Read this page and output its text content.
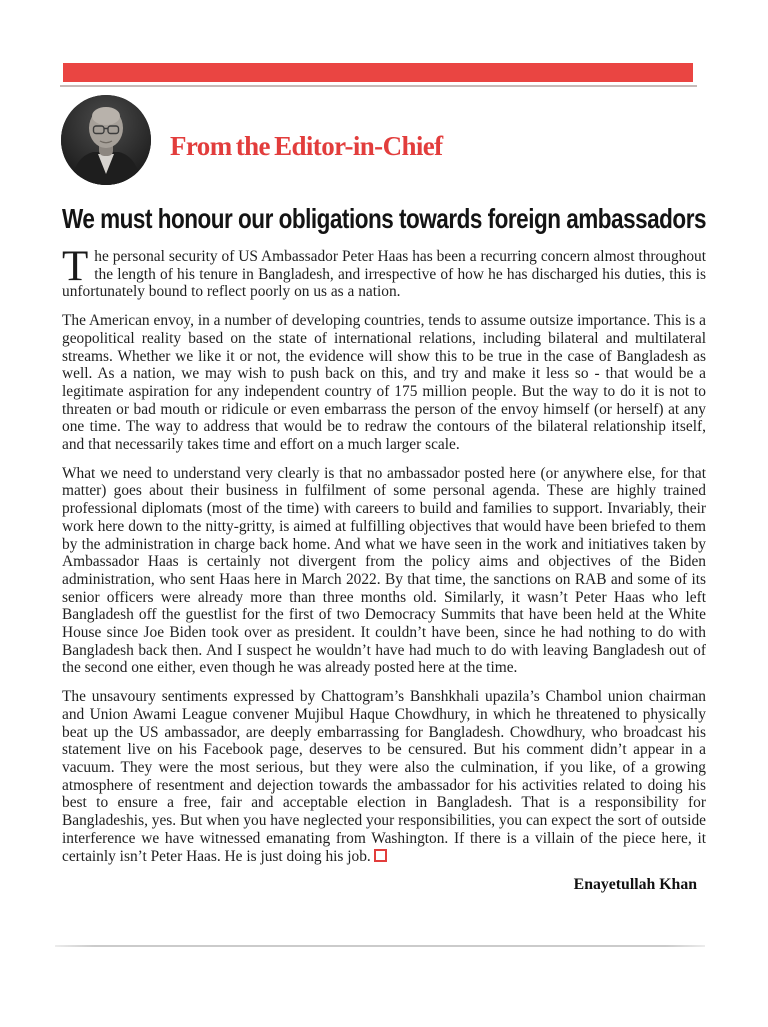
From the Editor-in-Chief
We must honour our obligations towards foreign ambassadors

The personal security of US Ambassador Peter Haas has been a recurring concern almost throughout the length of his tenure in Bangladesh, and irrespective of how he has discharged his duties, this is unfortunately bound to reflect poorly on us as a nation.

The American envoy, in a number of developing countries, tends to assume outsize importance. This is a geopolitical reality based on the state of international relations, including bilateral and multilateral streams. Whether we like it or not, the evidence will show this to be true in the case of Bangladesh as well. As a nation, we may wish to push back on this, and try and make it less so - that would be a legitimate aspiration for any independent country of 175 million people. But the way to do it is not to threaten or bad mouth or ridicule or even embarrass the person of the envoy himself (or herself) at any one time. The way to address that would be to redraw the contours of the bilateral relationship itself, and that necessarily takes time and effort on a much larger scale.

What we need to understand very clearly is that no ambassador posted here (or anywhere else, for that matter) goes about their business in fulfilment of some personal agenda. These are highly trained professional diplomats (most of the time) with careers to build and families to support. Invariably, their work here down to the nitty-gritty, is aimed at fulfilling objectives that would have been briefed to them by the administration in charge back home. And what we have seen in the work and initiatives taken by Ambassador Haas is certainly not divergent from the policy aims and objectives of the Biden administration, who sent Haas here in March 2022. By that time, the sanctions on RAB and some of its senior officers were already more than three months old. Similarly, it wasn’t Peter Haas who left Bangladesh off the guestlist for the first of two Democracy Summits that have been held at the White House since Joe Biden took over as president. It couldn’t have been, since he had nothing to do with Bangladesh back then. And I suspect he wouldn’t have had much to do with leaving Bangladesh out of the second one either, even though he was already posted here at the time.

The unsavoury sentiments expressed by Chattogram’s Banshkhali upazila’s Chambol union chairman and Union Awami League convener Mujibul Haque Chowdhury, in which he threatened to physically beat up the US ambassador, are deeply embarrassing for Bangladesh. Chowdhury, who broadcast his statement live on his Facebook page, deserves to be censured. But his comment didn’t appear in a vacuum. They were the most serious, but they were also the culmination, if you like, of a growing atmosphere of resentment and dejection towards the ambassador for his activities related to doing his best to ensure a free, fair and acceptable election in Bangladesh. That is a responsibility for Bangladeshis, yes. But when you have neglected your responsibilities, you can expect the sort of outside interference we have witnessed emanating from Washington. If there is a villain of the piece here, it certainly isn’t Peter Haas. He is just doing his job.

Enayetullah Khan
